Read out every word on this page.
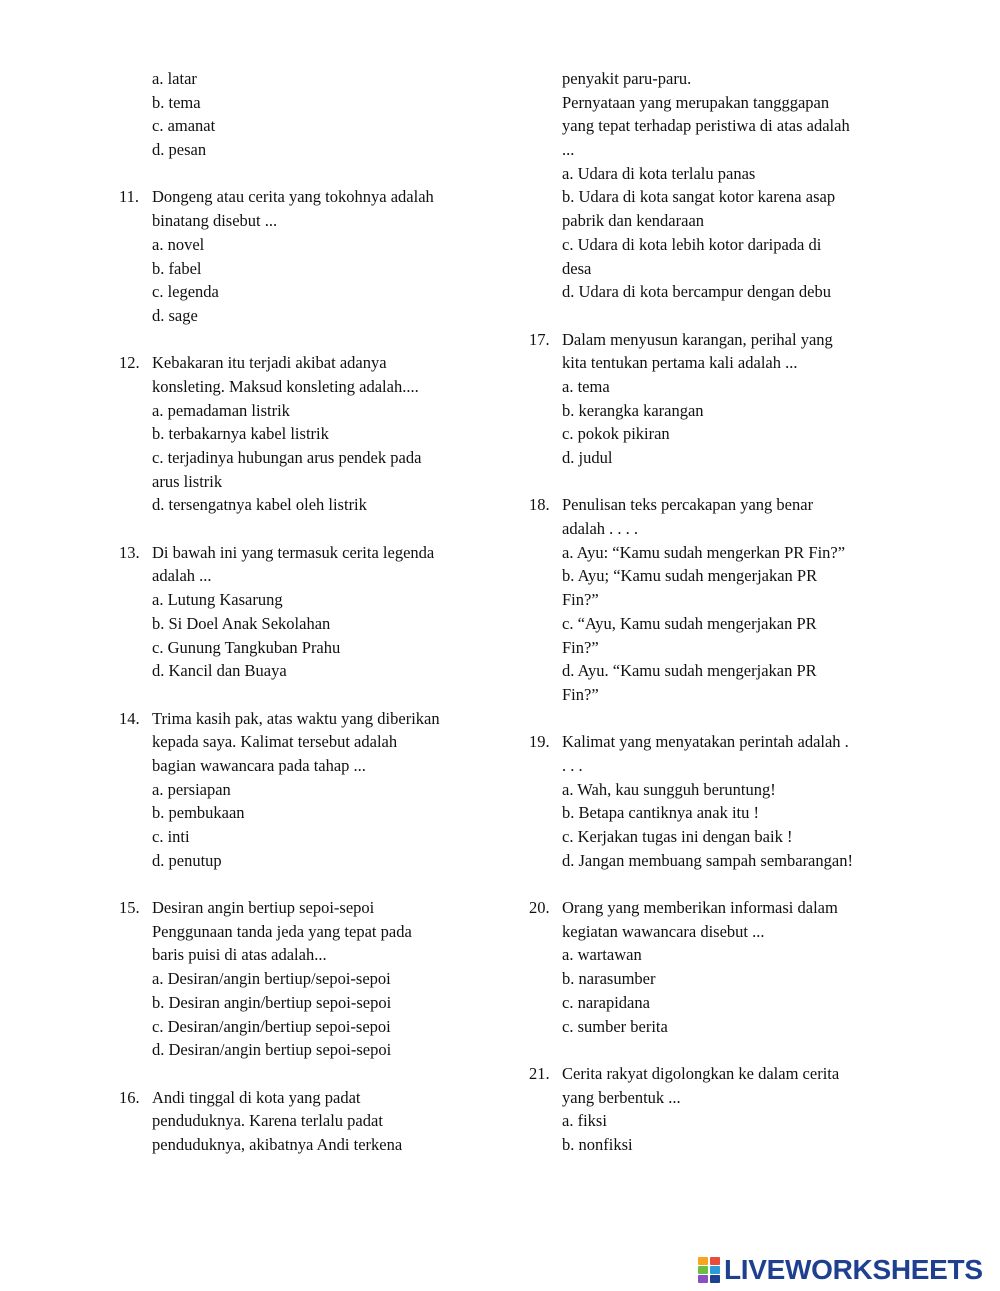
a. latar
b. tema
c. amanat
d. pesan
11. Dongeng atau cerita yang tokohnya adalah
binatang disebut ...
a. novel
b. fabel
c. legenda
d. sage
12. Kebakaran itu terjadi akibat adanya
konsleting. Maksud konsleting adalah....
a. pemadaman listrik
b. terbakarnya kabel listrik
c. terjadinya hubungan arus pendek pada
arus listrik
d. tersengatnya kabel oleh listrik
13. Di bawah ini yang termasuk cerita legenda
adalah ...
a. Lutung Kasarung
b. Si Doel Anak Sekolahan
c. Gunung Tangkuban Prahu
d. Kancil dan Buaya
14. Trima kasih pak, atas waktu yang diberikan
kepada saya. Kalimat tersebut adalah
bagian wawancara pada tahap ...
a. persiapan
b. pembukaan
c. inti
d. penutup
15. Desiran angin bertiup sepoi-sepoi
Penggunaan tanda jeda yang tepat pada
baris puisi di atas adalah...
a. Desiran/angin bertiup/sepoi-sepoi
b. Desiran angin/bertiup sepoi-sepoi
c. Desiran/angin/bertiup sepoi-sepoi
d. Desiran/angin bertiup sepoi-sepoi
16. Andi tinggal di kota yang padat
penduduknya. Karena terlalu padat
penduduknya, akibatnya Andi terkena
penyakit paru-paru.
Pernyataan yang merupakan tangggapan
yang tepat terhadap peristiwa di atas adalah
...
a. Udara di kota terlalu panas
b. Udara di kota sangat kotor karena asap
pabrik dan kendaraan
c. Udara di kota lebih kotor daripada di
desa
d. Udara di kota bercampur dengan debu
17. Dalam menyusun karangan, perihal yang
kita tentukan pertama kali adalah ...
a. tema
b. kerangka karangan
c. pokok pikiran
d. judul
18. Penulisan teks percakapan yang benar
adalah . . . .
a. Ayu: “Kamu sudah mengerkan PR Fin?”
b. Ayu; “Kamu sudah mengerjakan PR
Fin?”
c. “Ayu, Kamu sudah mengerjakan PR
Fin?”
d. Ayu. “Kamu sudah mengerjakan PR
Fin?”
19. Kalimat yang menyatakan perintah adalah .
. . .
a. Wah, kau sungguh beruntung!
b. Betapa cantiknya anak itu !
c. Kerjakan tugas ini dengan baik !
d. Jangan membuang sampah sembarangan!
20. Orang yang memberikan informasi dalam
kegiatan wawancara disebut ...
a. wartawan
b. narasumber
c. narapidana
c. sumber berita
21. Cerita rakyat digolongkan ke dalam cerita
yang berbentuk ...
a. fiksi
b. nonfiksi
LIVEWORKSHEETS
